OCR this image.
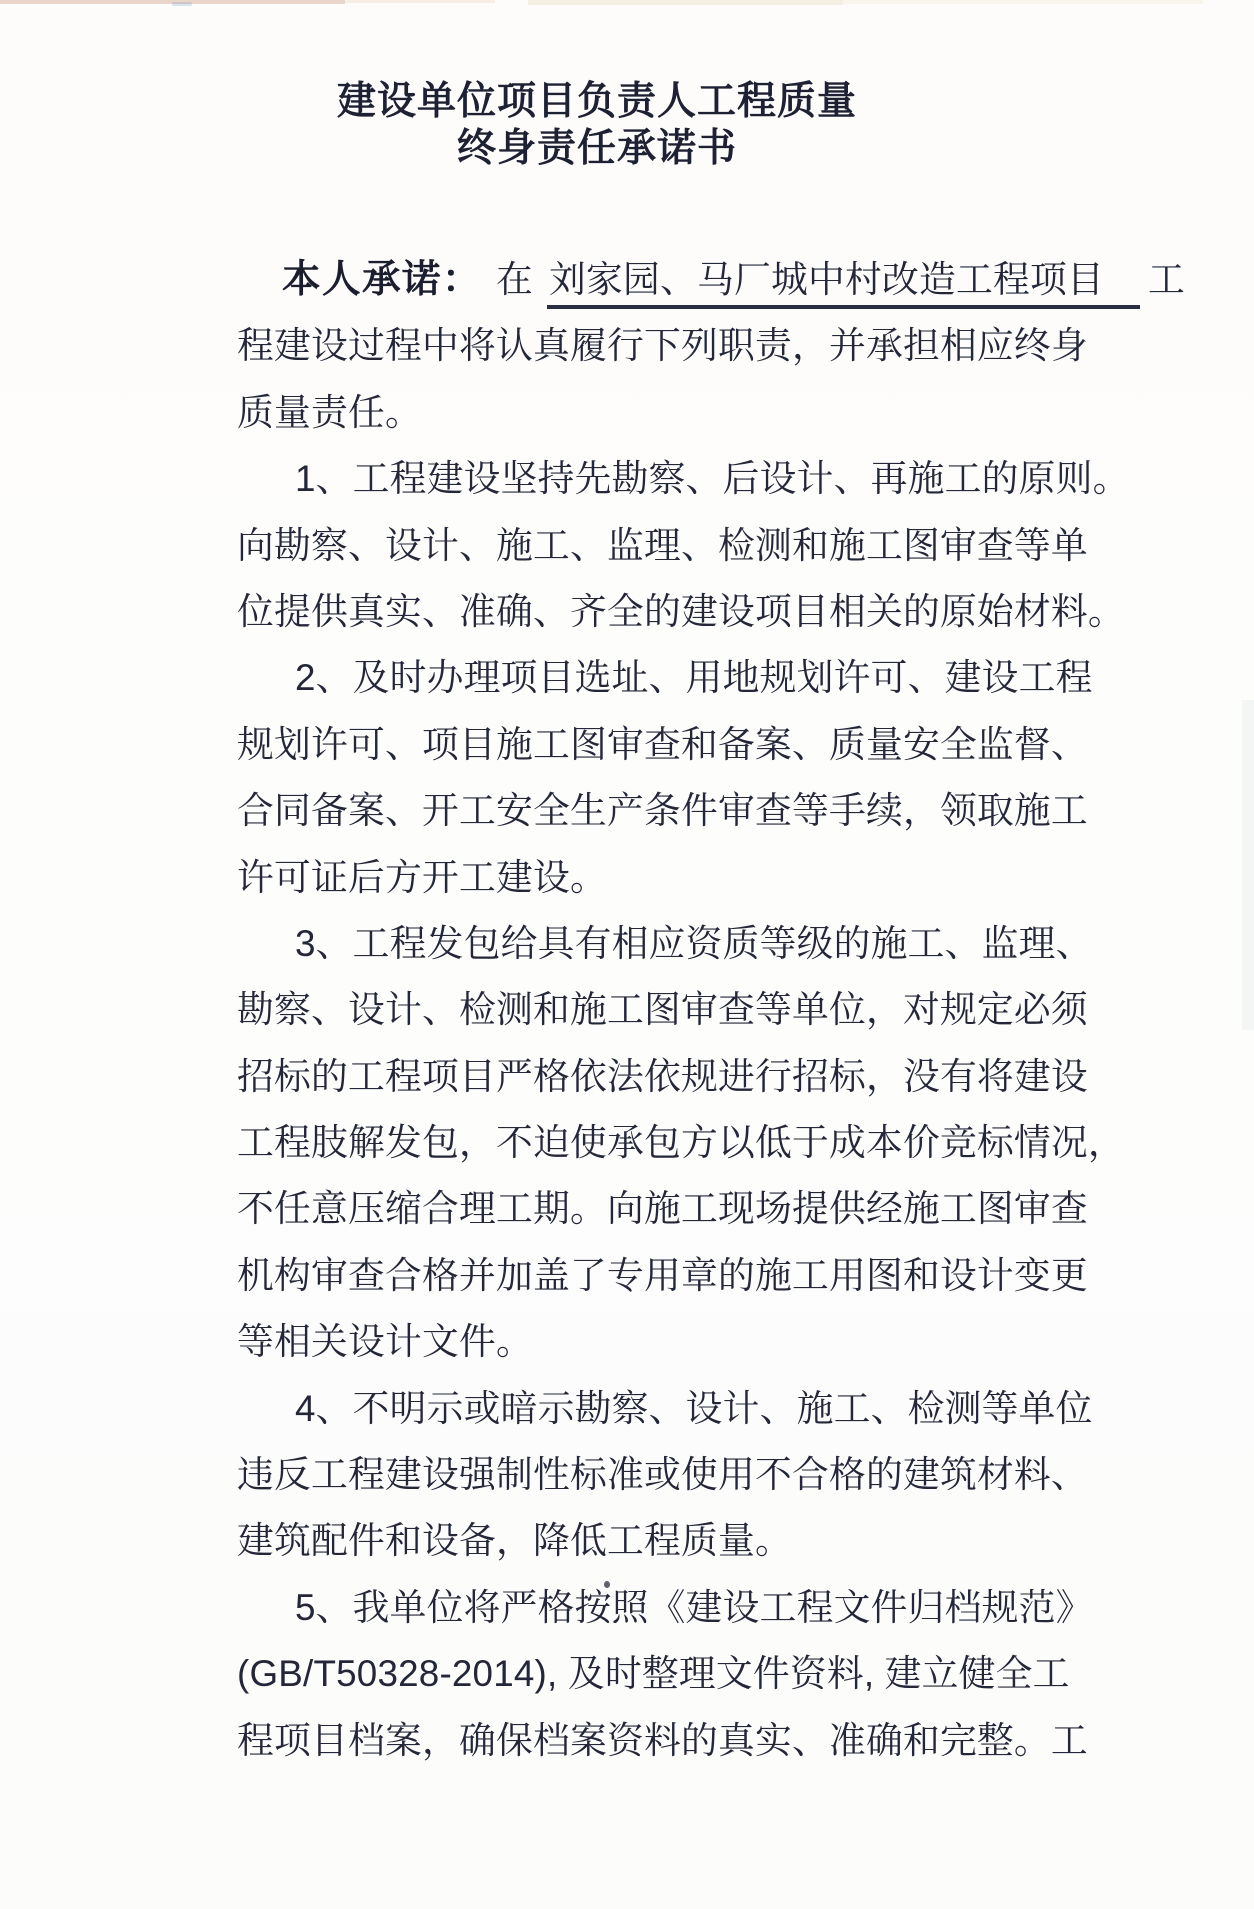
建设单位项目负责人工程质量
终身责任承诺书
本人承诺： 在 刘家园、马厂城中村改造工程项目 工
程建设过程中将认真履行下列职责，并承担相应终身
质量责任。
1、工程建设坚持先勘察、后设计、再施工的原则。
向勘察、设计、施工、监理、检测和施工图审查等单
位提供真实、准确、齐全的建设项目相关的原始材料。
2、及时办理项目选址、用地规划许可、建设工程
规划许可、项目施工图审查和备案、质量安全监督、
合同备案、开工安全生产条件审查等手续，领取施工
许可证后方开工建设。
3、工程发包给具有相应资质等级的施工、监理、
勘察、设计、检测和施工图审查等单位，对规定必须
招标的工程项目严格依法依规进行招标，没有将建设
工程肢解发包，不迫使承包方以低于成本价竞标情况，
不任意压缩合理工期。向施工现场提供经施工图审查
机构审查合格并加盖了专用章的施工用图和设计变更
等相关设计文件。
4、不明示或暗示勘察、设计、施工、检测等单位
违反工程建设强制性标准或使用不合格的建筑材料、
建筑配件和设备，降低工程质量。
5、我单位将严格按照《建设工程文件归档规范》
(GB/T50328-2014), 及时整理文件资料, 建立健全工
程项目档案，确保档案资料的真实、准确和完整。工
